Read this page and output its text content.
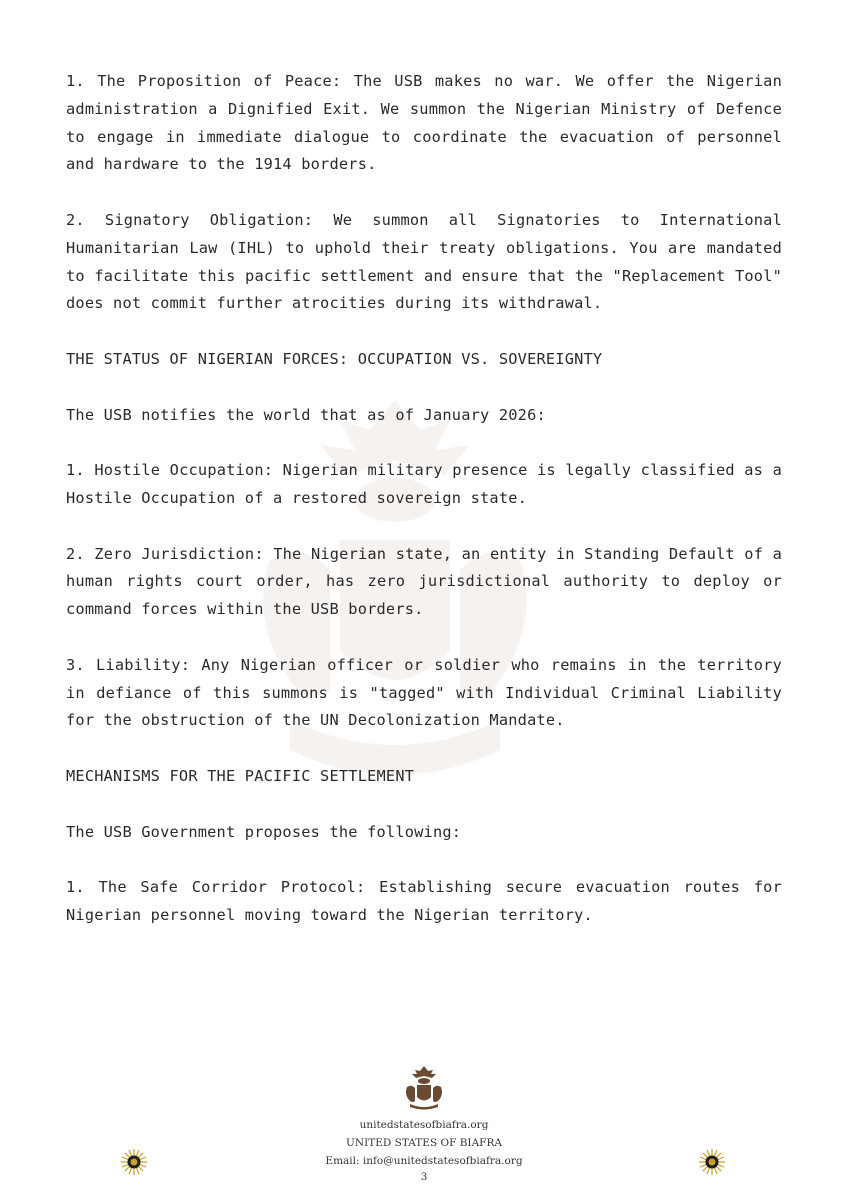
1. The Proposition of Peace: The USB makes no war. We offer the Nigerian administration a Dignified Exit. We summon the Nigerian Ministry of Defence to engage in immediate dialogue to coordinate the evacuation of personnel and hardware to the 1914 borders.

2. Signatory Obligation: We summon all Signatories to International Humanitarian Law (IHL) to uphold their treaty obligations. You are mandated to facilitate this pacific settlement and ensure that the "Replacement Tool" does not commit further atrocities during its withdrawal.

THE STATUS OF NIGERIAN FORCES: OCCUPATION VS. SOVEREIGNTY

The USB notifies the world that as of January 2026:

1. Hostile Occupation: Nigerian military presence is legally classified as a Hostile Occupation of a restored sovereign state.

2. Zero Jurisdiction: The Nigerian state, an entity in Standing Default of a human rights court order, has zero jurisdictional authority to deploy or command forces within the USB borders.

3. Liability: Any Nigerian officer or soldier who remains in the territory in defiance of this summons is "tagged" with Individual Criminal Liability for the obstruction of the UN Decolonization Mandate.

MECHANISMS FOR THE PACIFIC SETTLEMENT

The USB Government proposes the following:

1. The Safe Corridor Protocol: Establishing secure evacuation routes for Nigerian personnel moving toward the Nigerian territory.

unitedstatesofbiafra.org
UNITED STATES OF BIAFRA
Email: info@unitedstatesofbiafra.org
3
